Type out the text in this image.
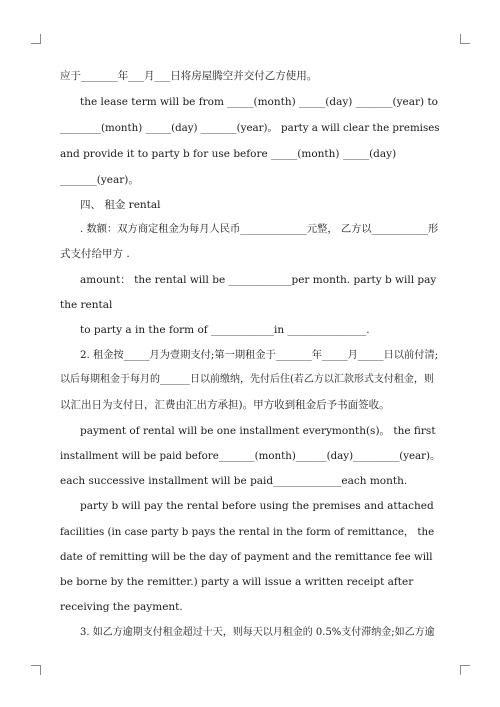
应于_______年___月___日将房屋腾空并交付乙方使用。
the lease term will be from _____(month) _____(day) _______(year) to
________(month) _____(day) _______(year)。 party a will clear the premises
and provide it to party b for use before _____(month) _____(day)
_______(year)。
四、 租金 rental
. 数额：双方商定租金为每月人民币_____________元整， 乙方以___________形
式支付给甲方 .
amount： the rental will be ____________per month. party b will pay
the rental
to party a in the form of ____________in _______________.
2. 租金按_____月为壹期支付;第一期租金于_______年_____月_____日以前付清;
以后每期租金于每月的______日以前缴纳，先付后住(若乙方以汇款形式支付租金，则
以汇出日为支付日，汇费由汇出方承担)。甲方收到租金后予书面签收。
payment of rental will be one installment everymonth(s)。 the first
installment will be paid before_______(month)______(day)_________(year)。
each successive installment will be paid_____________each month.
party b will pay the rental before using the premises and attached
facilities (in case party b pays the rental in the form of remittance， the
date of remitting will be the day of payment and the remittance fee will
be borne by the remitter.) party a will issue a written receipt after
receiving the payment.
3. 如乙方逾期支付租金超过十天，则每天以月租金的 0.5%支付滞纳金;如乙方逾
